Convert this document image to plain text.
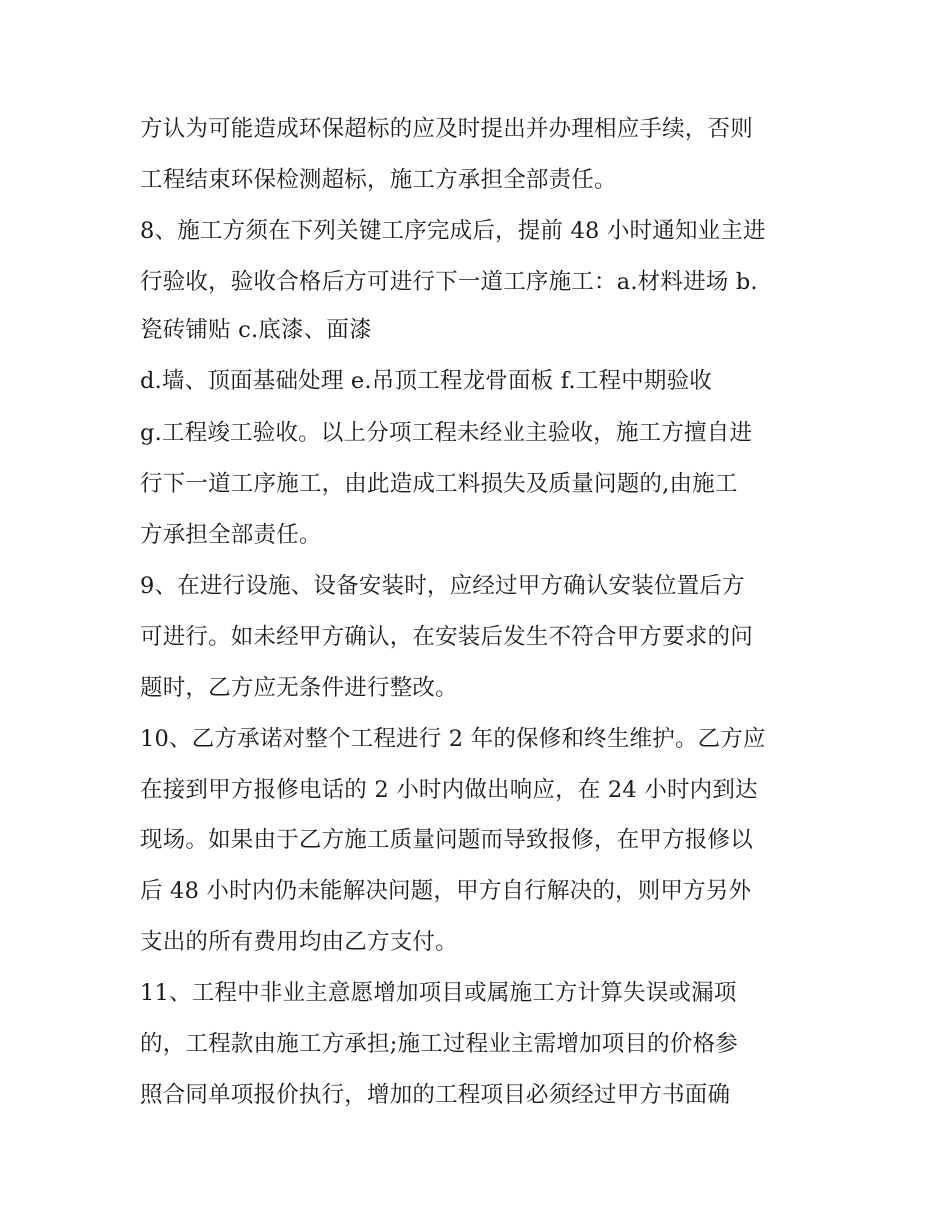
方认为可能造成环保超标的应及时提出并办理相应手续，否则
工程结束环保检测超标，施工方承担全部责任。
8、施工方须在下列关键工序完成后，提前 48 小时通知业主进
行验收，验收合格后方可进行下一道工序施工：a.材料进场 b.
瓷砖铺贴 c.底漆、面漆
d.墙、顶面基础处理 e.吊顶工程龙骨面板 f.工程中期验收
g.工程竣工验收。以上分项工程未经业主验收，施工方擅自进
行下一道工序施工，由此造成工料损失及质量问题的,由施工
方承担全部责任。
9、在进行设施、设备安装时，应经过甲方确认安装位置后方
可进行。如未经甲方确认，在安装后发生不符合甲方要求的问
题时，乙方应无条件进行整改。
10、乙方承诺对整个工程进行 2 年的保修和终生维护。乙方应
在接到甲方报修电话的 2 小时内做出响应，在 24 小时内到达
现场。如果由于乙方施工质量问题而导致报修，在甲方报修以
后 48 小时内仍未能解决问题，甲方自行解决的，则甲方另外
支出的所有费用均由乙方支付。
11、工程中非业主意愿增加项目或属施工方计算失误或漏项
的，工程款由施工方承担;施工过程业主需增加项目的价格参
照合同单项报价执行，增加的工程项目必须经过甲方书面确
